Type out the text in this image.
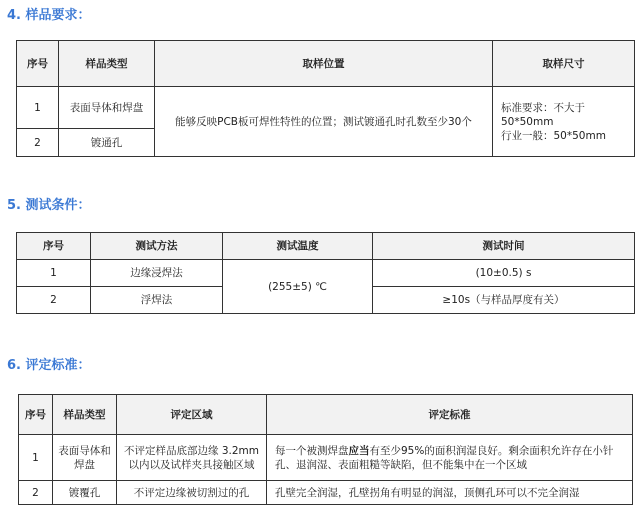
4. 样品要求：
序号	样品类型	取样位置	取样尺寸
1	表面导体和焊盘	能够反映PCB板可焊性特性的位置；测试镀通孔时孔数至少30个	标准要求：不大于50*50mm
行业一般：50*50mm

2	镀通孔		
5. 测试条件：
序号	测试方法	测试温度	测试时间
1	边缘浸焊法	(255±5) ℃	(10±0.5) s
2	浮焊法		≥10s（与样品厚度有关）
6. 评定标准：
序号	样品类型	评定区域	评定标准
1	表面导体和焊盘	不评定样品底部边缘 3.2mm以内以及试样夹具接触区域	每一个被测焊盘应当有至少95%的面积润湿良好。剩余面积允许存在小针孔、退润湿、表面粗糙等缺陷，但不能集中在一个区域
2	镀覆孔	不评定边缘被切割过的孔	孔壁完全润湿，孔壁拐角有明显的润湿，顶侧孔环可以不完全润湿
